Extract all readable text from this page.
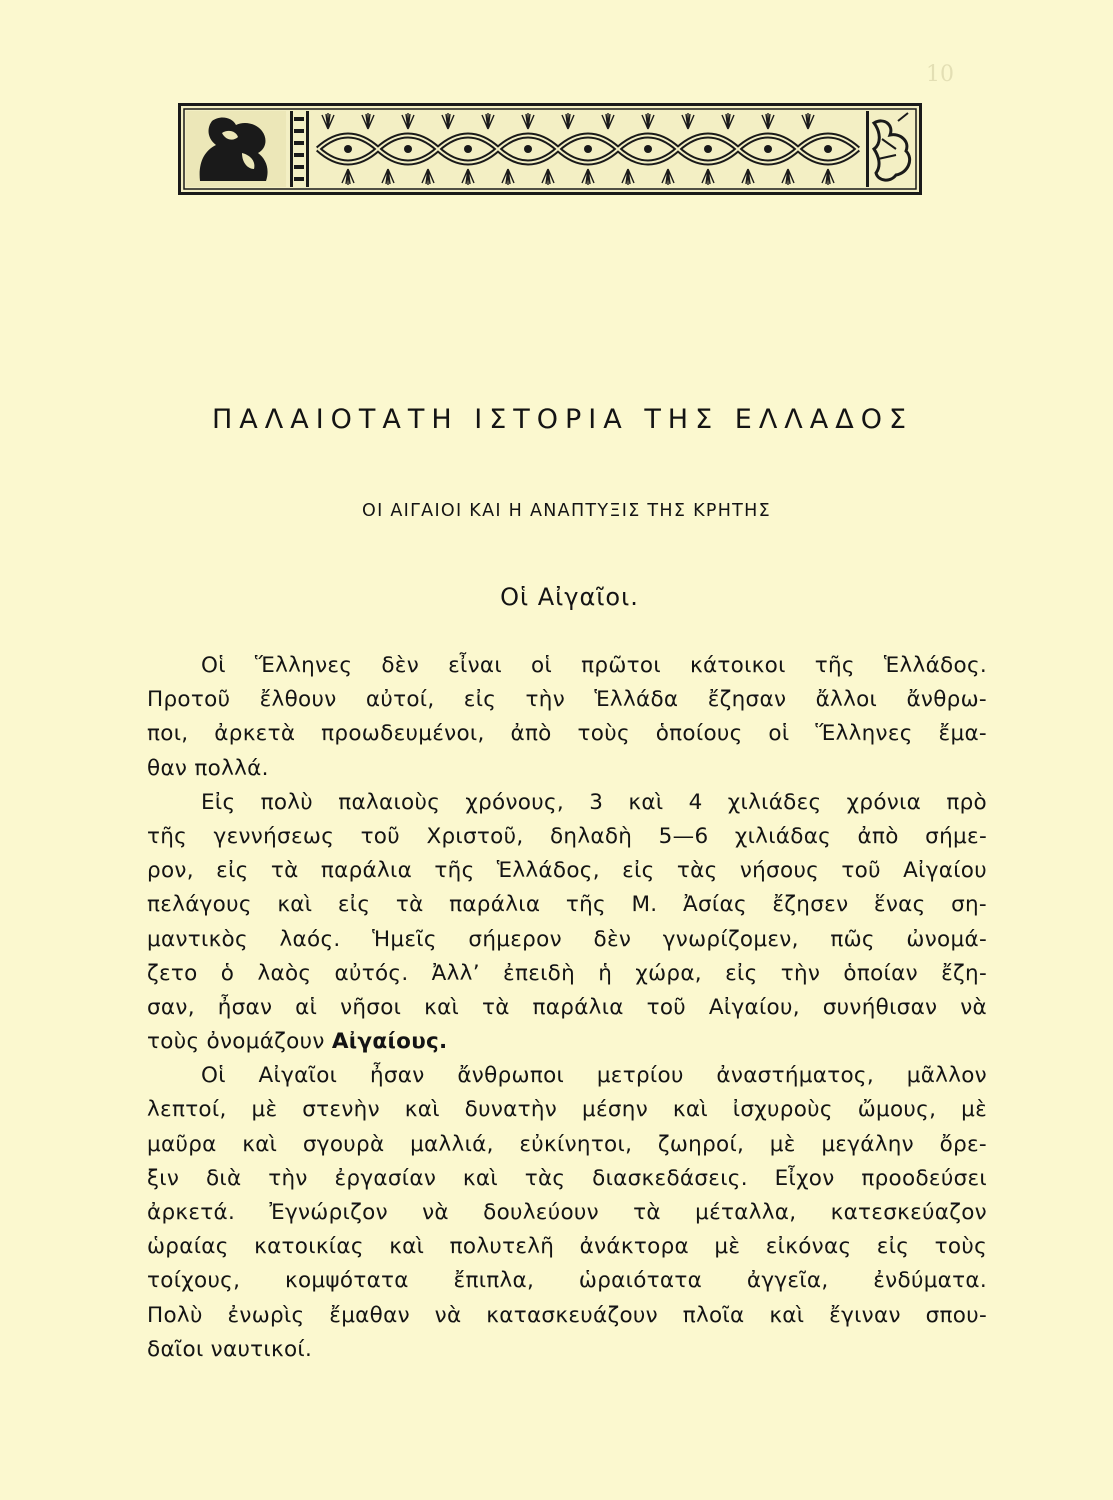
10
ΠΑΛΑΙΟΤΑΤΗ ΙΣΤΟΡΙΑ ΤΗΣ ΕΛΛΑΔΟΣ
ΟΙ ΑΙΓΑΙΟΙ ΚΑΙ Η ΑΝΑΠΤΥΞΙΣ ΤΗΣ ΚΡΗΤΗΣ
Οἱ Αἰγαῖοι.
Οἱ Ἕλληνες δὲν εἶναι οἱ πρῶτοι κάτοικοι τῆς Ἑλλάδος.
Προτοῦ ἔλθουν αὐτοί, εἰς τὴν Ἑλλάδα ἔζησαν ἄλλοι ἄνθρω-
ποι, ἀρκετὰ προωδευμένοι, ἀπὸ τοὺς ὁποίους οἱ Ἕλληνες ἔμα-
θαν πολλά.
Εἰς πολὺ παλαιοὺς χρόνους, 3 καὶ 4 χιλιάδες χρόνια πρὸ
τῆς γεννήσεως τοῦ Χριστοῦ, δηλαδὴ 5—6 χιλιάδας ἀπὸ σήμε-
ρον, εἰς τὰ παράλια τῆς Ἑλλάδος, εἰς τὰς νήσους τοῦ Αἰγαίου
πελάγους καὶ εἰς τὰ παράλια τῆς Μ. Ἀσίας ἔζησεν ἕνας ση-
μαντικὸς λαός. Ἡμεῖς σήμερον δὲν γνωρίζομεν, πῶς ὠνομά-
ζετο ὁ λαὸς αὐτός. Ἀλλ’ ἐπειδὴ ἡ χώρα, εἰς τὴν ὁποίαν ἔζη-
σαν, ἦσαν αἱ νῆσοι καὶ τὰ παράλια τοῦ Αἰγαίου, συνήθισαν νὰ
τοὺς ὀνομάζουν Αἰγαίους.
Οἱ Αἰγαῖοι ἦσαν ἄνθρωποι μετρίου ἀναστήματος, μᾶλλον
λεπτοί, μὲ στενὴν καὶ δυνατὴν μέσην καὶ ἰσχυροὺς ὤμους, μὲ
μαῦρα καὶ σγουρὰ μαλλιά, εὐκίνητοι, ζωηροί, μὲ μεγάλην ὄρε-
ξιν διὰ τὴν ἐργασίαν καὶ τὰς διασκεδάσεις. Εἶχον προοδεύσει
ἀρκετά. Ἐγνώριζον νὰ δουλεύουν τὰ μέταλλα, κατεσκεύαζον
ὡραίας κατοικίας καὶ πολυτελῆ ἀνάκτορα μὲ εἰκόνας εἰς τοὺς
τοίχους, κομψότατα ἔπιπλα, ὡραιότατα ἀγγεῖα, ἐνδύματα.
Πολὺ ἐνωρὶς ἔμαθαν νὰ κατασκευάζουν πλοῖα καὶ ἔγιναν σπου-
δαῖοι ναυτικοί.
